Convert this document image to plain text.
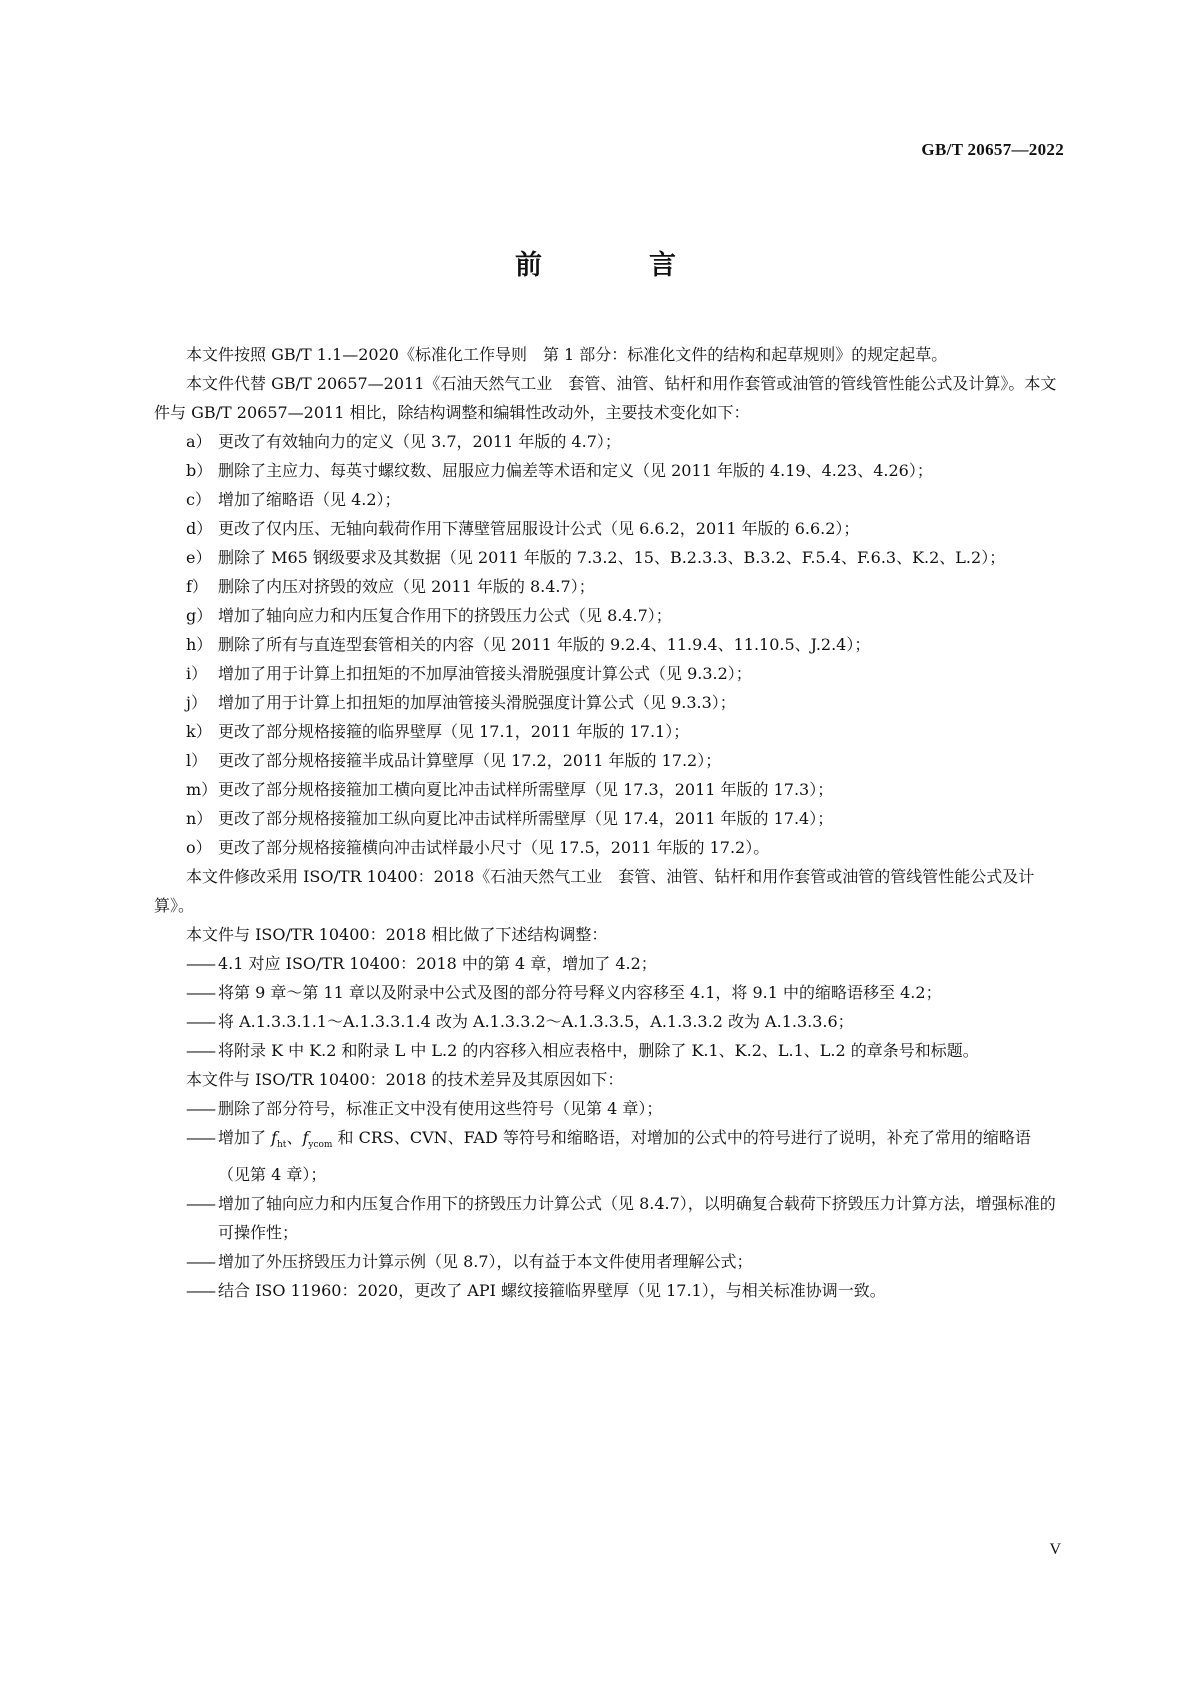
GB/T 20657—2022
前　言
本文件按照 GB/T 1.1—2020《标准化工作导则　第 1 部分：标准化文件的结构和起草规则》的规定起草。
本文件代替 GB/T 20657—2011《石油天然气工业　套管、油管、钻杆和用作套管或油管的管线管性能公式及计算》。本文件与 GB/T 20657—2011 相比，除结构调整和编辑性改动外，主要技术变化如下：
a） 更改了有效轴向力的定义（见 3.7，2011 年版的 4.7）；
b） 删除了主应力、每英寸螺纹数、屈服应力偏差等术语和定义（见 2011 年版的 4.19、4.23、4.26）；
c） 增加了缩略语（见 4.2）；
d） 更改了仅内压、无轴向载荷作用下薄壁管屈服设计公式（见 6.6.2，2011 年版的 6.6.2）；
e） 删除了 M65 钢级要求及其数据（见 2011 年版的 7.3.2、15、B.2.3.3、B.3.2、F.5.4、F.6.3、K.2、L.2）；
f） 删除了内压对挤毁的效应（见 2011 年版的 8.4.7）；
g） 增加了轴向应力和内压复合作用下的挤毁压力公式（见 8.4.7）；
h） 删除了所有与直连型套管相关的内容（见 2011 年版的 9.2.4、11.9.4、11.10.5、J.2.4）；
i） 增加了用于计算上扣扭矩的不加厚油管接头滑脱强度计算公式（见 9.3.2）；
j） 增加了用于计算上扣扭矩的加厚油管接头滑脱强度计算公式（见 9.3.3）；
k） 更改了部分规格接箍的临界壁厚（见 17.1，2011 年版的 17.1）；
l） 更改了部分规格接箍半成品计算壁厚（见 17.2，2011 年版的 17.2）；
m） 更改了部分规格接箍加工横向夏比冲击试样所需壁厚（见 17.3，2011 年版的 17.3）；
n） 更改了部分规格接箍加工纵向夏比冲击试样所需壁厚（见 17.4，2011 年版的 17.4）；
o） 更改了部分规格接箍横向冲击试样最小尺寸（见 17.5，2011 年版的 17.2）。
本文件修改采用 ISO/TR 10400：2018《石油天然气工业　套管、油管、钻杆和用作套管或油管的管线管性能公式及计算》。
本文件与 ISO/TR 10400：2018 相比做了下述结构调整：
—— 4.1 对应 ISO/TR 10400：2018 中的第 4 章，增加了 4.2；
—— 将第 9 章～第 11 章以及附录中公式及图的部分符号释义内容移至 4.1，将 9.1 中的缩略语移至 4.2；
—— 将 A.1.3.3.1.1～A.1.3.3.1.4 改为 A.1.3.3.2～A.1.3.3.5，A.1.3.3.2 改为 A.1.3.3.6；
—— 将附录 K 中 K.2 和附录 L 中 L.2 的内容移入相应表格中，删除了 K.1、K.2、L.1、L.2 的章条号和标题。
本文件与 ISO/TR 10400：2018 的技术差异及其原因如下：
—— 删除了部分符号，标准正文中没有使用这些符号（见第 4 章）；
—— 增加了 $f_{ht}$、$f_{ycom}$ 和 CRS、CVN、FAD 等符号和缩略语，对增加的公式中的符号进行了说明，补充了常用的缩略语（见第 4 章）；
—— 增加了轴向应力和内压复合作用下的挤毁压力计算公式（见 8.4.7），以明确复合载荷下挤毁压力计算方法，增强标准的可操作性；
—— 增加了外压挤毁压力计算示例（见 8.7），以有益于本文件使用者理解公式；
—— 结合 ISO 11960：2020，更改了 API 螺纹接箍临界壁厚（见 17.1），与相关标准协调一致。
V
